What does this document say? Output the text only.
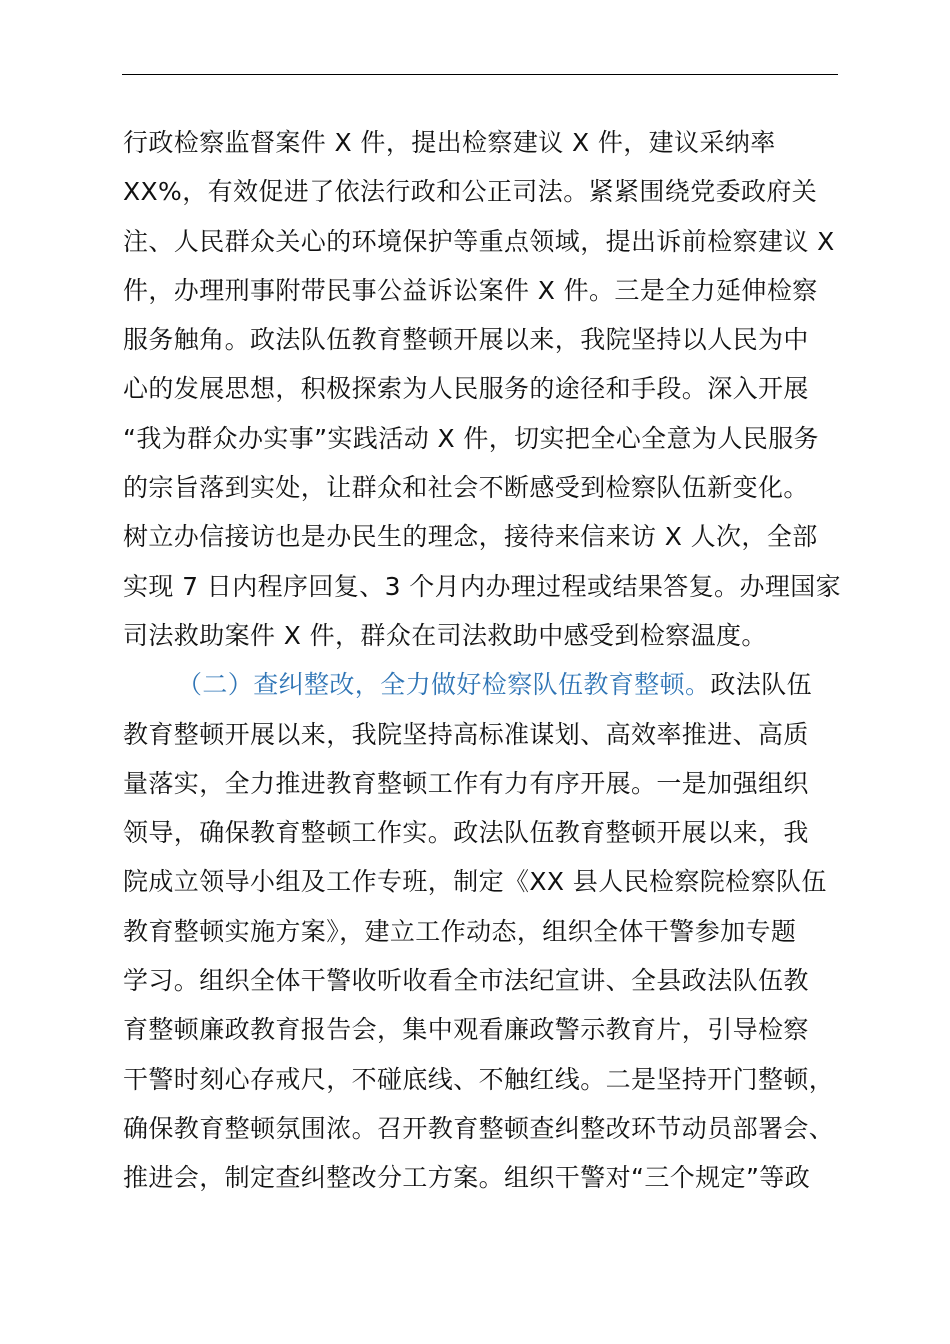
行政检察监督案件 X 件，提出检察建议 X 件，建议采纳率
XX%，有效促进了依法行政和公正司法。紧紧围绕党委政府关
注、人民群众关心的环境保护等重点领域，提出诉前检察建议 X
件，办理刑事附带民事公益诉讼案件 X 件。三是全力延伸检察
服务触角。政法队伍教育整顿开展以来，我院坚持以人民为中
心的发展思想，积极探索为人民服务的途径和手段。深入开展
“我为群众办实事”实践活动 X 件，切实把全心全意为人民服务
的宗旨落到实处，让群众和社会不断感受到检察队伍新变化。
树立办信接访也是办民生的理念，接待来信来访 X 人次，全部
实现 7 日内程序回复、3 个月内办理过程或结果答复。办理国家
司法救助案件 X 件，群众在司法救助中感受到检察温度。
（二）查纠整改，全力做好检察队伍教育整顿。政法队伍
教育整顿开展以来，我院坚持高标准谋划、高效率推进、高质
量落实，全力推进教育整顿工作有力有序开展。一是加强组织
领导，确保教育整顿工作实。政法队伍教育整顿开展以来，我
院成立领导小组及工作专班，制定《XX 县人民检察院检察队伍
教育整顿实施方案》，建立工作动态，组织全体干警参加专题
学习。组织全体干警收听收看全市法纪宣讲、全县政法队伍教
育整顿廉政教育报告会，集中观看廉政警示教育片，引导检察
干警时刻心存戒尺，不碰底线、不触红线。二是坚持开门整顿，
确保教育整顿氛围浓。召开教育整顿查纠整改环节动员部署会、
推进会，制定查纠整改分工方案。组织干警对“三个规定”等政
